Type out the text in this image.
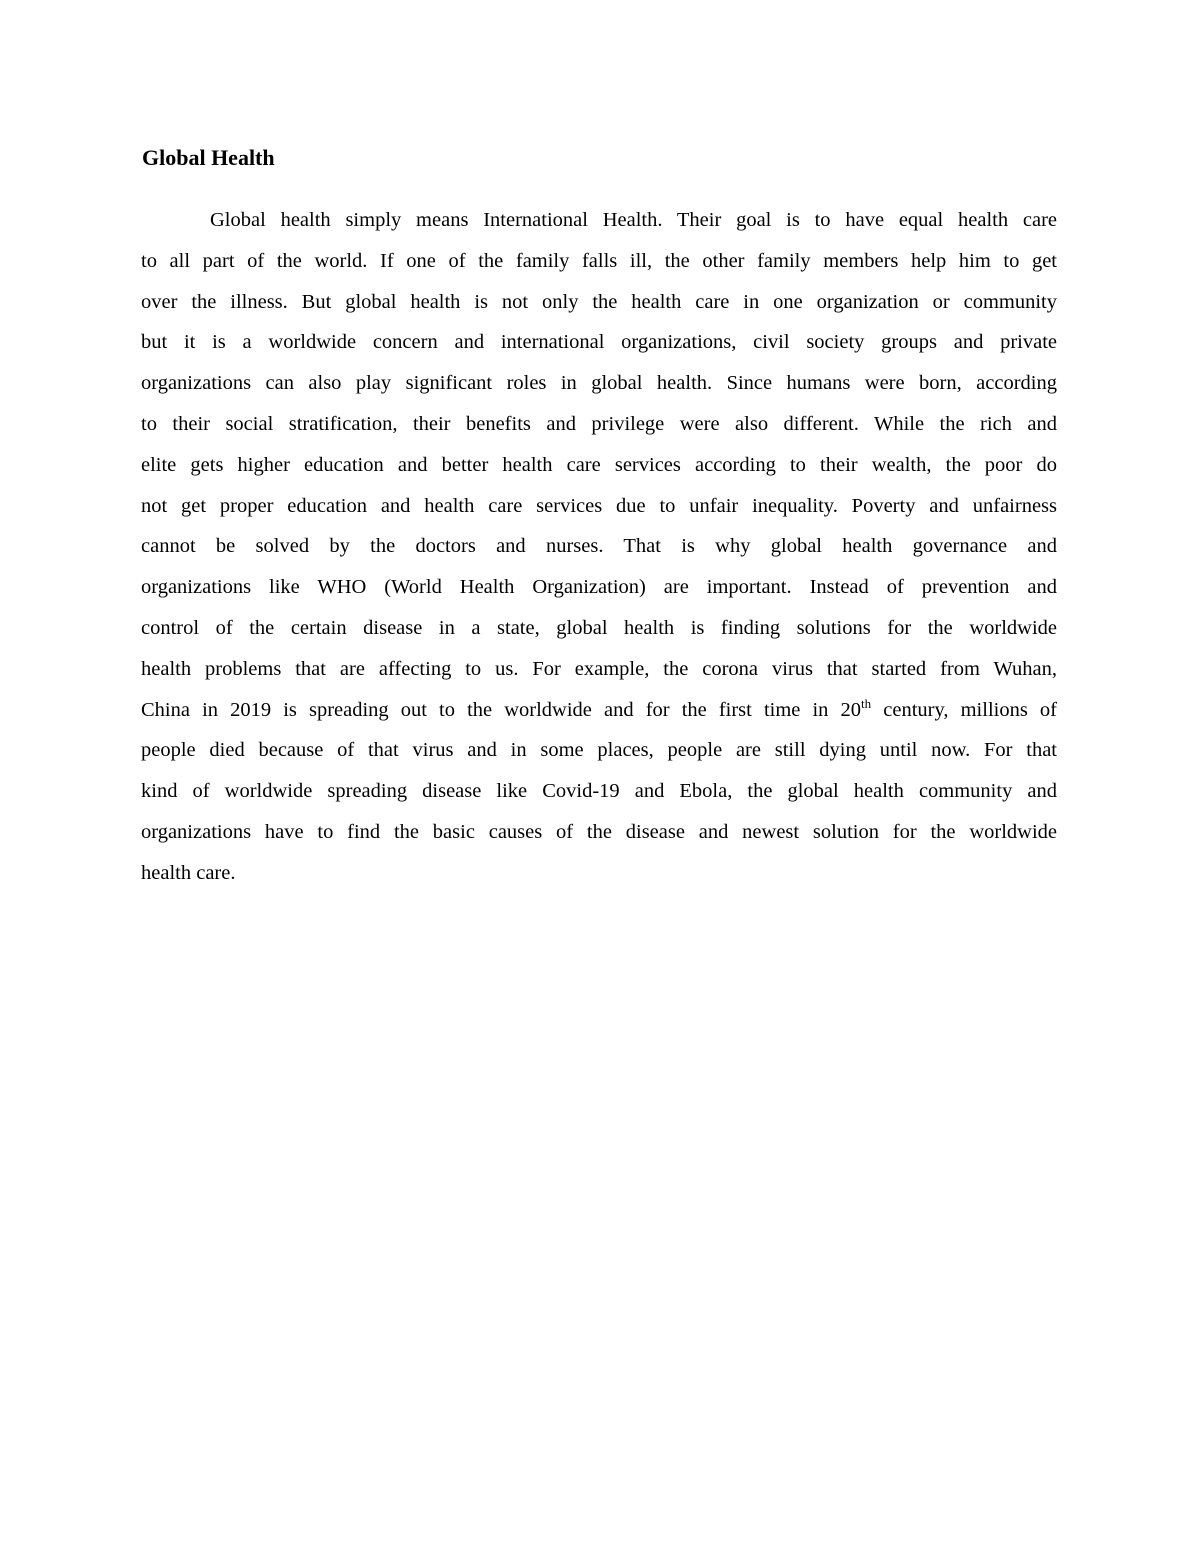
Global Health
Global health simply means International Health. Their goal is to have equal health care
to all part of the world. If one of the family falls ill, the other family members help him to get
over the illness. But global health is not only the health care in one organization or community
but it is a worldwide concern and international organizations, civil society groups and private
organizations can also play significant roles in global health. Since humans were born, according
to their social stratification, their benefits and privilege were also different. While the rich and
elite gets higher education and better health care services according to their wealth, the poor do
not get proper education and health care services due to unfair inequality. Poverty and unfairness
cannot be solved by the doctors and nurses. That is why global health governance and
organizations like WHO (World Health Organization) are important. Instead of prevention and
control of the certain disease in a state, global health is finding solutions for the worldwide
health problems that are affecting to us. For example, the corona virus that started from Wuhan,
China in 2019 is spreading out to the worldwide and for the first time in 20th century, millions of
people died because of that virus and in some places, people are still dying until now. For that
kind of worldwide spreading disease like Covid-19 and Ebola, the global health community and
organizations have to find the basic causes of the disease and newest solution for the worldwide
health care.
